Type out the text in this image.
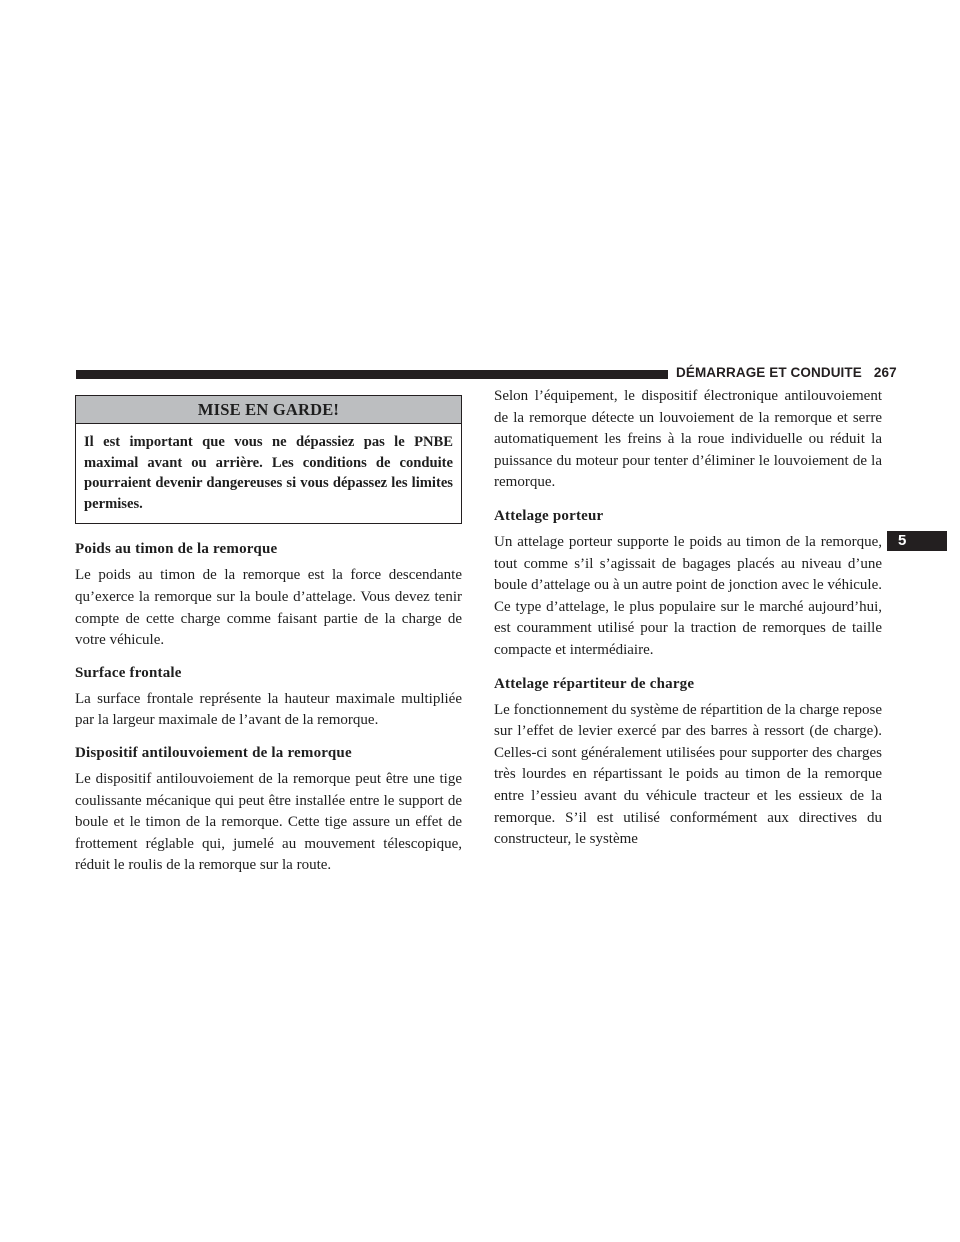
DÉMARRAGE ET CONDUITE 267
5
MISE EN GARDE!
Il est important que vous ne dépassiez pas le PNBE maximal avant ou arrière. Les conditions de conduite pourraient devenir dangereuses si vous dépassez les limites permises.
Poids au timon de la remorque

Le poids au timon de la remorque est la force descendante qu’exerce la remorque sur la boule d’attelage. Vous devez tenir compte de cette charge comme faisant partie de la charge de votre véhicule.

Surface frontale

La surface frontale représente la hauteur maximale multipliée par la largeur maximale de l’avant de la remorque.

Dispositif antilouvoiement de la remorque

Le dispositif antilouvoiement de la remorque peut être une tige coulissante mécanique qui peut être installée entre le support de boule et le timon de la remorque. Cette tige assure un effet de frottement réglable qui, jumelé au mouvement télescopique, réduit le roulis de la remorque sur la route.

Selon l’équipement, le dispositif électronique antilouvoiement de la remorque détecte un louvoiement de la remorque et serre automatiquement les freins à la roue individuelle ou réduit la puissance du moteur pour tenter d’éliminer le louvoiement de la remorque.

Attelage porteur

Un attelage porteur supporte le poids au timon de la remorque, tout comme s’il s’agissait de bagages placés au niveau d’une boule d’attelage ou à un autre point de jonction avec le véhicule. Ce type d’attelage, le plus populaire sur le marché aujourd’hui, est couramment utilisé pour la traction de remorques de taille compacte et intermédiaire.

Attelage répartiteur de charge

Le fonctionnement du système de répartition de la charge repose sur l’effet de levier exercé par des barres à ressort (de charge). Celles-ci sont généralement utilisées pour supporter des charges très lourdes en répartissant le poids au timon de la remorque entre l’essieu avant du véhicule tracteur et les essieux de la remorque. S’il est utilisé conformément aux directives du constructeur, le système
